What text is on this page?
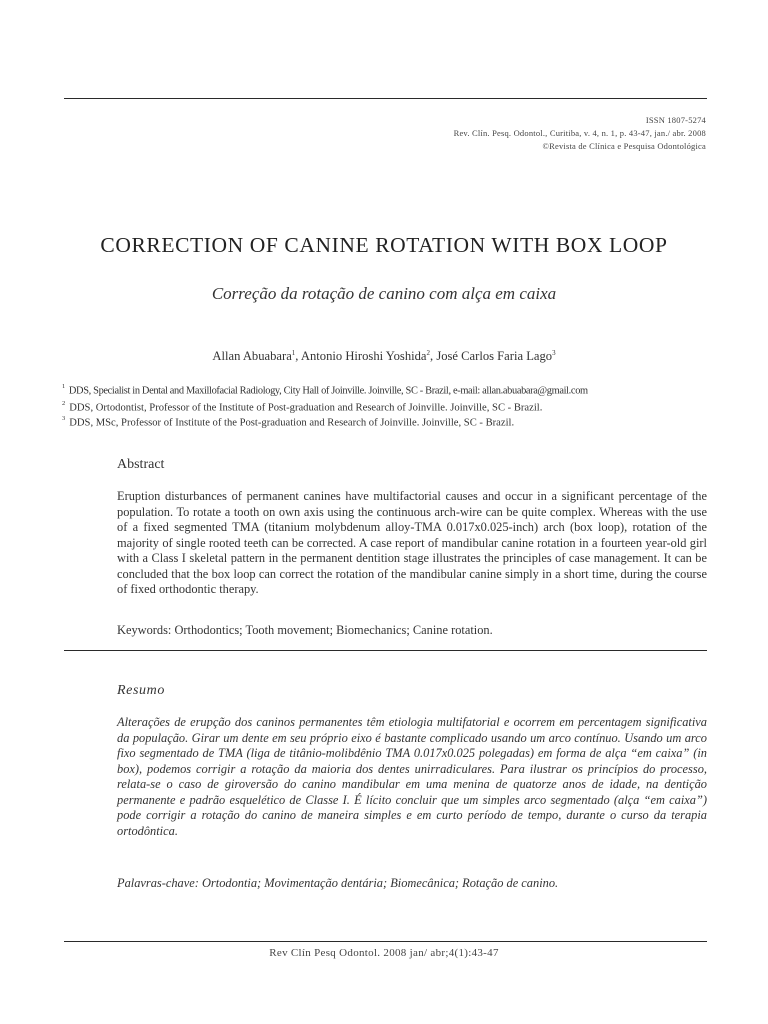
ISSN 1807-5274
Rev. Clín. Pesq. Odontol., Curitiba, v. 4, n. 1, p. 43-47, jan./ abr. 2008
©Revista de Clínica e Pesquisa Odontológica
CORRECTION OF CANINE ROTATION WITH BOX LOOP
Correção da rotação de canino com alça em caixa
Allan Abuabara$^1$, Antonio Hiroshi Yoshida$^2$, José Carlos Faria Lago$^3$
$^1$ DDS, Specialist in Dental and Maxillofacial Radiology, City Hall of Joinville. Joinville, SC - Brazil, e-mail: allan.abuabara@gmail.com
$^2$ DDS, Ortodontist, Professor of the Institute of Post-graduation and Research of Joinville. Joinville, SC - Brazil.
$^3$ DDS, MSc, Professor of Institute of the Post-graduation and Research of Joinville. Joinville, SC - Brazil.
Abstract

Eruption disturbances of permanent canines have multifactorial causes and occur in a significant percentage of the population. To rotate a tooth on own axis using the continuous arch-wire can be quite complex. Whereas with the use of a fixed segmented TMA (titanium molybdenum alloy-TMA 0.017x0.025-inch) arch (box loop), rotation of the majority of single rooted teeth can be corrected. A case report of mandibular canine rotation in a fourteen year-old girl with a Class I skeletal pattern in the permanent dentition stage illustrates the principles of case management. It can be concluded that the box loop can correct the rotation of the mandibular canine simply in a short time, during the course of fixed orthodontic therapy.

Keywords: Orthodontics; Tooth movement; Biomechanics; Canine rotation.

Resumo

Alterações de erupção dos caninos permanentes têm etiologia multifatorial e ocorrem em percentagem significativa da população. Girar um dente em seu próprio eixo é bastante complicado usando um arco contínuo. Usando um arco fixo segmentado de TMA (liga de titânio-molibdênio TMA 0.017x0.025 polegadas) em forma de alça “em caixa” (in box), podemos corrigir a rotação da maioria dos dentes unirradiculares. Para ilustrar os princípios do processo, relata-se o caso de giroversão do canino mandibular em uma menina de quatorze anos de idade, na dentição permanente e padrão esquelético de Classe I. É lícito concluir que um simples arco segmentado (alça “em caixa”) pode corrigir a rotação do canino de maneira simples e em curto período de tempo, durante o curso da terapia ortodôntica.

Palavras-chave: Ortodontia; Movimentação dentária; Biomecânica; Rotação de canino.

Rev Clín Pesq Odontol. 2008 jan/ abr;4(1):43-47
